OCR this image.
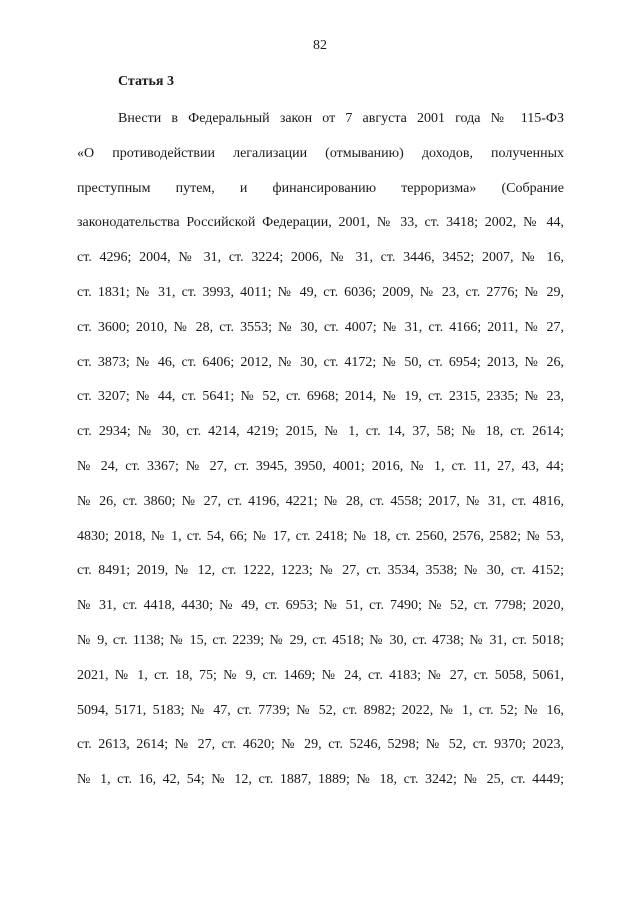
82
Статья 3
Внести в Федеральный закон от 7 августа 2001 года № 115-ФЗ
«О противодействии легализации (отмыванию) доходов, полученных
преступным путем, и финансированию терроризма» (Собрание
законодательства Российской Федерации, 2001, № 33, ст. 3418; 2002, № 44,
ст. 4296; 2004, № 31, ст. 3224; 2006, № 31, ст. 3446, 3452; 2007, № 16,
ст. 1831; № 31, ст. 3993, 4011; № 49, ст. 6036; 2009, № 23, ст. 2776; № 29,
ст. 3600; 2010, № 28, ст. 3553; № 30, ст. 4007; № 31, ст. 4166; 2011, № 27,
ст. 3873; № 46, ст. 6406; 2012, № 30, ст. 4172; № 50, ст. 6954; 2013, № 26,
ст. 3207; № 44, ст. 5641; № 52, ст. 6968; 2014, № 19, ст. 2315, 2335; № 23,
ст. 2934; № 30, ст. 4214, 4219; 2015, № 1, ст. 14, 37, 58; № 18, ст. 2614;
№ 24, ст. 3367; № 27, ст. 3945, 3950, 4001; 2016, № 1, ст. 11, 27, 43, 44;
№ 26, ст. 3860; № 27, ст. 4196, 4221; № 28, ст. 4558; 2017, № 31, ст. 4816,
4830; 2018, № 1, ст. 54, 66; № 17, ст. 2418; № 18, ст. 2560, 2576, 2582; № 53,
ст. 8491; 2019, № 12, ст. 1222, 1223; № 27, ст. 3534, 3538; № 30, ст. 4152;
№ 31, ст. 4418, 4430; № 49, ст. 6953; № 51, ст. 7490; № 52, ст. 7798; 2020,
№ 9, ст. 1138; № 15, ст. 2239; № 29, ст. 4518; № 30, ст. 4738; № 31, ст. 5018;
2021, № 1, ст. 18, 75; № 9, ст. 1469; № 24, ст. 4183; № 27, ст. 5058, 5061,
5094, 5171, 5183; № 47, ст. 7739; № 52, ст. 8982; 2022, № 1, ст. 52; № 16,
ст. 2613, 2614; № 27, ст. 4620; № 29, ст. 5246, 5298; № 52, ст. 9370; 2023,
№ 1, ст. 16, 42, 54; № 12, ст. 1887, 1889; № 18, ст. 3242; № 25, ст. 4449;
